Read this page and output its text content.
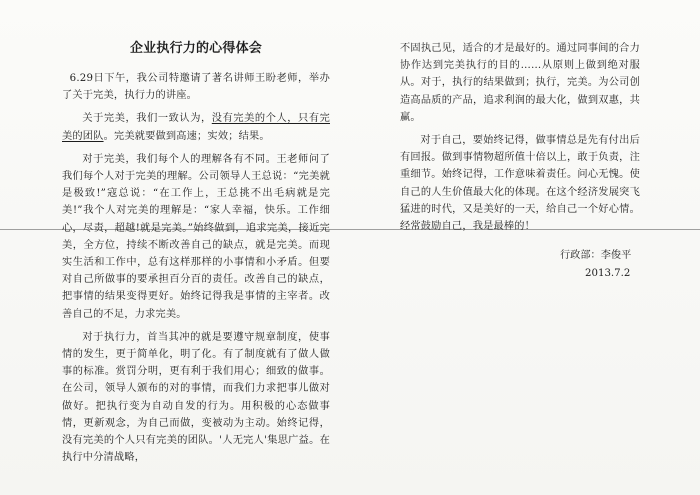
企业执行力的心得体会

6.29日下午，我公司特邀请了著名讲师王盼老师，举办了关于完美，执行力的讲座。

关于完美，我们一致认为，没有完美的个人，只有完美的团队。完美就要做到高速；实效；结果。

对于完美，我们每个人的理解各有不同。王老师问了我们每个人对于完美的理解。公司领导人王总说：“完美就是极致!”寇总说：“在工作上，王总挑不出毛病就是完美!”我个人对完美的理解是：“家人幸福，快乐。工作细心，尽责，超越!就是完美。”始终做到，追求完美，接近完美，全方位，持续不断改善自己的缺点，就是完美。而现实生活和工作中，总有这样那样的小事情和小矛盾。但要对自己所做事的要承担百分百的责任。改善自己的缺点，把事情的结果变得更好。始终记得我是事情的主宰者。改善自己的不足，力求完美。

对于执行力，首当其冲的就是要遵守规章制度，使事情的发生，更于简单化，明了化。有了制度就有了做人做事的标准。赏罚分明，更有利于我们用心；细致的做事。在公司，领导人颁布的对的事情，而我们力求把事儿做对做好。把执行变为自动自发的行为。用积极的心态做事情，更新观念，为自己而做，变被动为主动。始终记得，没有完美的个人只有完美的团队。'人无完人'集思广益。在执行中分清战略，

不固执己见，适合的才是最好的。通过同事间的合力协作达到完美执行的目的……从原则上做到绝对服从。对于，执行的结果做到；执行，完美。为公司创造高品质的产品，追求利润的最大化，做到双惠，共赢。

对于自己，要始终记得，做事情总是先有付出后有回报。做到事情物超所值十倍以上，敢于负责，注重细节。始终记得，工作意味着责任。问心无愧。使自己的人生价值最大化的体现。在这个经济发展突飞猛进的时代，又是美好的一天，给自己一个好心情。经常鼓励自己，我是最棒的！

行政部：李俊平
2013.7.2
